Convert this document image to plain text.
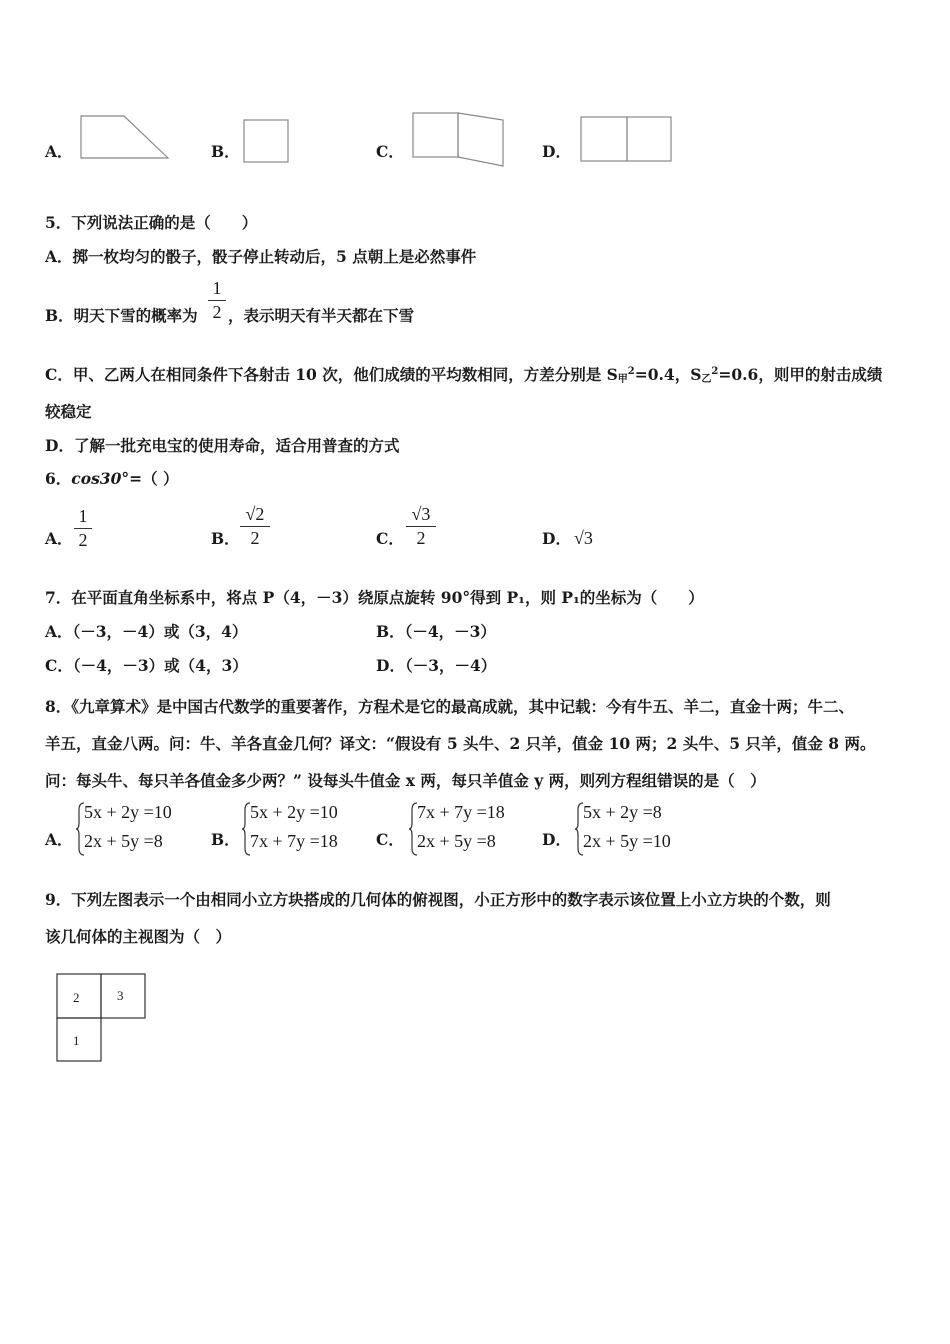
A．	B．	C．	D．
5．下列说法正确的是（　　）
A．掷一枚均匀的骰子，骰子停止转动后，5 点朝上是必然事件
B．明天下雪的概率为
1
2 ，表示明天有半天都在下雪
C．甲、乙两人在相同条件下各射击 10 次，他们成绩的平均数相同，方差分别是 $S_甲^2=0.4$，$S_乙^2=0.6$，则甲的射击成绩
较稳定
D．了解一批充电宝的使用寿命，适合用普查的方式
6．cos30°=（ ）
A．
1
2	B．
√2
2	C．
√3
2	D． √3
7．在平面直角坐标系中，将点 P（4，－3）绕原点旋转 90°得到 P₁，则 P₁的坐标为（　　）
A．（－3，－4）或（3，4）	B．（－4，－3）
C．（－4，－3）或（4，3）	D．（－3，－4）
8．《九章算术》是中国古代数学的重要著作，方程术是它的最高成就，其中记载：今有牛五、羊二，直金十两；牛二、
羊五，直金八两。问：牛、羊各直金几何？译文：“假设有 5 头牛、2 只羊，值金 10 两；2 头牛、5 只羊，值金 8 两。
问：每头牛、每只羊各值金多少两？” 设每头牛值金 x 两，每只羊值金 y 两，则列方程组错误的是（　）
A．
5x + 2y =10
2x + 5y =8	B．
5x + 2y =10
7x + 7y =18 C．
7x + 7y =18
2x + 5y =8	D．
5x + 2y =8
2x + 5y =10
9．下列左图表示一个由相同小立方块搭成的几何体的俯视图，小正方形中的数字表示该位置上小立方块的个数，则
该几何体的主视图为（　）
2	3
1
